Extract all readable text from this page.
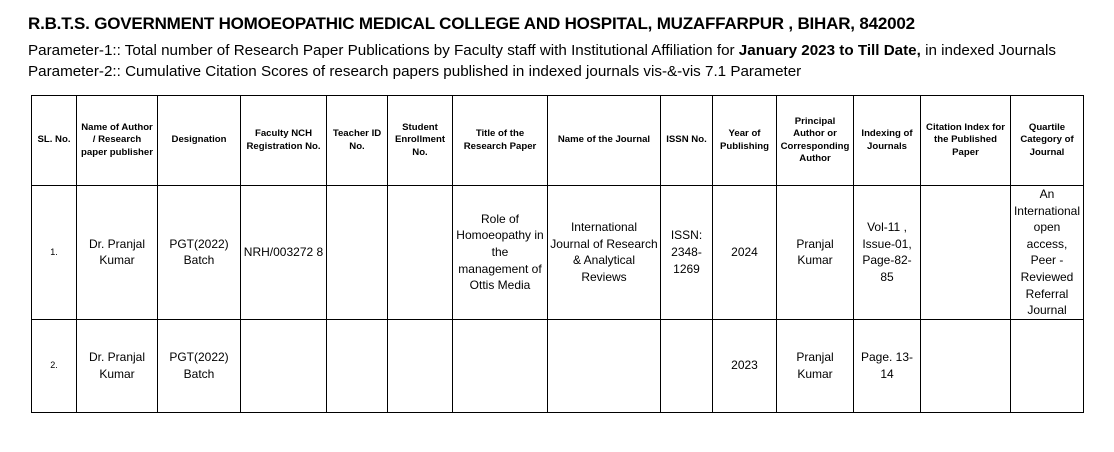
R.B.T.S. GOVERNMENT HOMOEOPATHIC MEDICAL COLLEGE AND HOSPITAL, MUZAFFARPUR , BIHAR, 842002
Parameter-1:: Total number of Research Paper Publications by Faculty staff with Institutional Affiliation for January 2023 to Till Date, in indexed Journals
Parameter-2:: Cumulative Citation Scores of research papers published in indexed journals vis-&-vis 7.1 Parameter
SL. No.	Name of Author / Research paper publisher	Designation	Faculty NCH Registration No.	Teacher ID No.	Student Enrollment No.	Title of the Research Paper	Name of the Journal	ISSN No.	Year of Publishing	Principal Author or Corresponding Author	Indexing of Journals	Citation Index for the Published Paper	Quartile Category of Journal
1.	Dr. Pranjal Kumar	PGT(2022) Batch	NRH/003272 8			Role of Homoeopathy in the management of Ottis Media	International Journal of Research & Analytical Reviews	ISSN: 2348-1269	2024	Pranjal Kumar	Vol-11 , Issue-01, Page-82-85		An International open access, Peer - Reviewed Referral Journal
2.	Dr. Pranjal Kumar	PGT(2022) Batch							2023	Pranjal Kumar	Page. 13-14		
